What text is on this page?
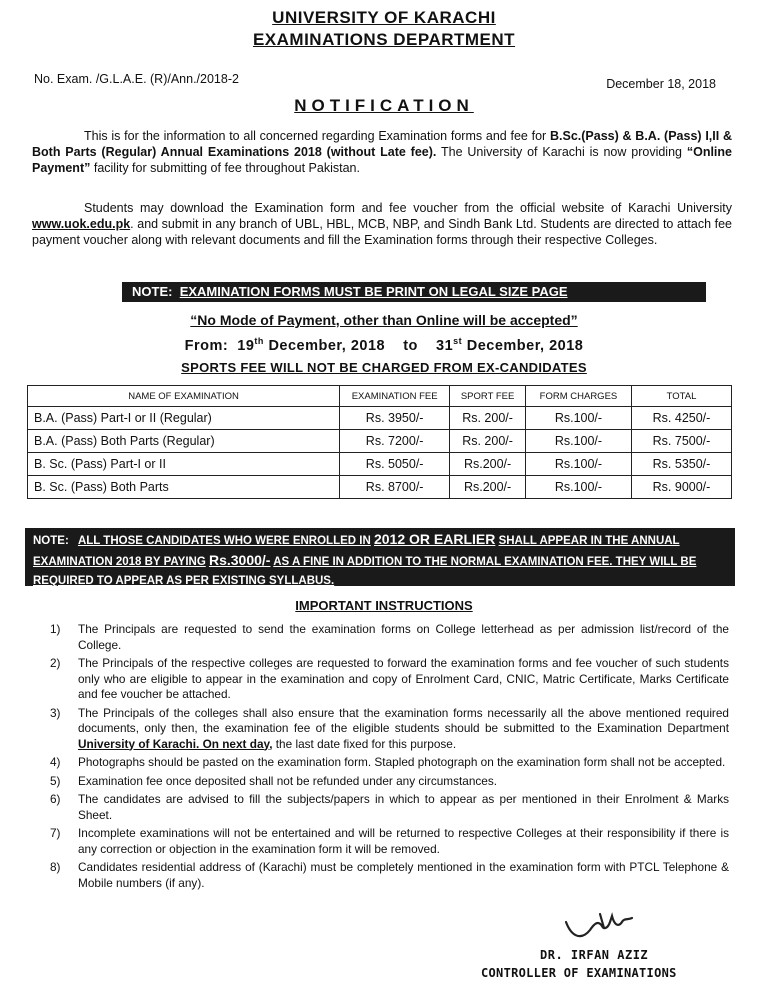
UNIVERSITY OF KARACHI
EXAMINATIONS DEPARTMENT
No. Exam. /G.L.A.E. (R)/Ann./2018-2	December 18, 2018
NOTIFICATION
This is for the information to all concerned regarding Examination forms and fee for B.Sc.(Pass) & B.A. (Pass) I,II & Both Parts (Regular) Annual Examinations 2018 (without Late fee). The University of Karachi is now providing “Online Payment” facility for submitting of fee throughout Pakistan.
Students may download the Examination form and fee voucher from the official website of Karachi University www.uok.edu.pk. and submit in any branch of UBL, HBL, MCB, NBP, and Sindh Bank Ltd. Students are directed to attach fee payment voucher along with relevant documents and fill the Examination forms through their respective Colleges.
NOTE: EXAMINATION FORMS MUST BE PRINT ON LEGAL SIZE PAGE
“No Mode of Payment, other than Online will be accepted”
From: 19th December, 2018 to 31st December, 2018
SPORTS FEE WILL NOT BE CHARGED FROM EX-CANDIDATES
NAME OF EXAMINATION	EXAMINATION FEE	SPORT FEE	FORM CHARGES	TOTAL
B.A. (Pass) Part-I or II (Regular)	Rs. 3950/-	Rs. 200/-	Rs.100/-	Rs. 4250/-
B.A. (Pass) Both Parts (Regular)	Rs. 7200/-	Rs. 200/-	Rs.100/-	Rs. 7500/-
B. Sc. (Pass) Part-I or II	Rs. 5050/-	Rs.200/-	Rs.100/-	Rs. 5350/-
B. Sc. (Pass) Both Parts	Rs. 8700/-	Rs.200/-	Rs.100/-	Rs. 9000/-
NOTE: ALL THOSE CANDIDATES WHO WERE ENROLLED IN 2012 OR EARLIER SHALL APPEAR IN THE ANNUAL EXAMINATION 2018 BY PAYING Rs.3000/- AS A FINE IN ADDITION TO THE NORMAL EXAMINATION FEE. THEY WILL BE REQUIRED TO APPEAR AS PER EXISTING SYLLABUS.
IMPORTANT INSTRUCTIONS
1) The Principals are requested to send the examination forms on College letterhead as per admission list/record of the College.
2) The Principals of the respective colleges are requested to forward the examination forms and fee voucher of such students only who are eligible to appear in the examination and copy of Enrolment Card, CNIC, Matric Certificate, Marks Certificate and fee voucher be attached.
3) The Principals of the colleges shall also ensure that the examination forms necessarily all the above mentioned required documents, only then, the examination fee of the eligible students should be submitted to the Examination Department University of Karachi. On next day, the last date fixed for this purpose.
4) Photographs should be pasted on the examination form. Stapled photograph on the examination form shall not be accepted.
5) Examination fee once deposited shall not be refunded under any circumstances.
6) The candidates are advised to fill the subjects/papers in which to appear as per mentioned in their Enrolment & Marks Sheet.
7) Incomplete examinations will not be entertained and will be returned to respective Colleges at their responsibility if there is any correction or objection in the examination form it will be removed.
8) Candidates residential address of (Karachi) must be completely mentioned in the examination form with PTCL Telephone & Mobile numbers (if any).
DR. IRFAN AZIZ
CONTROLLER OF EXAMINATIONS
